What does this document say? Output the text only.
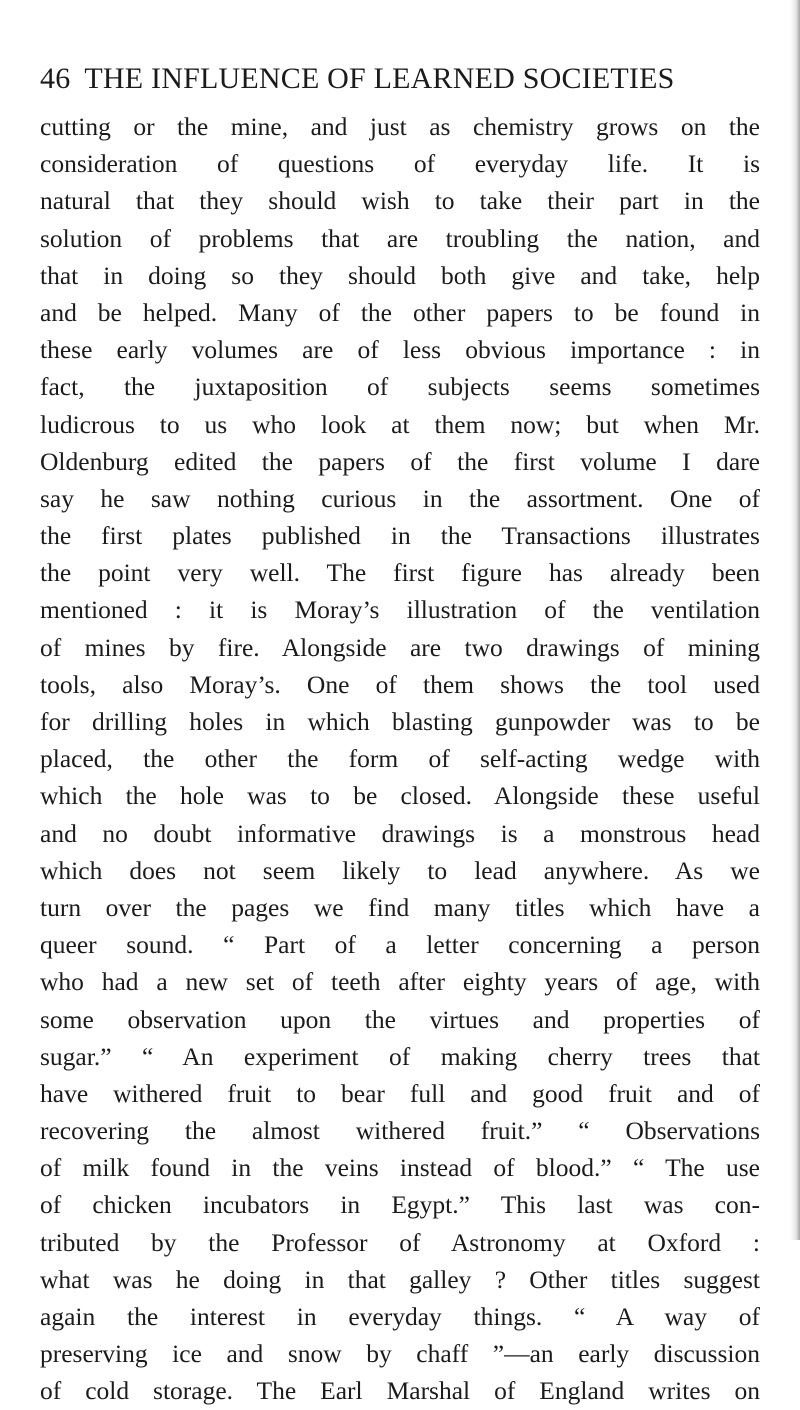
46 THE INFLUENCE OF LEARNED SOCIETIES
cutting or the mine, and just as chemistry grows on the
consideration of questions of everyday life. It is
natural that they should wish to take their part in the
solution of problems that are troubling the nation, and
that in doing so they should both give and take, help
and be helped. Many of the other papers to be found in
these early volumes are of less obvious importance : in
fact, the juxtaposition of subjects seems sometimes
ludicrous to us who look at them now; but when Mr.
Oldenburg edited the papers of the first volume I dare
say he saw nothing curious in the assortment. One of
the first plates published in the Transactions illustrates
the point very well. The first figure has already been
mentioned : it is Moray’s illustration of the ventilation
of mines by fire. Alongside are two drawings of mining
tools, also Moray’s. One of them shows the tool used
for drilling holes in which blasting gunpowder was to be
placed, the other the form of self-acting wedge with
which the hole was to be closed. Alongside these useful
and no doubt informative drawings is a monstrous head
which does not seem likely to lead anywhere. As we
turn over the pages we find many titles which have a
queer sound. “ Part of a letter concerning a person
who had a new set of teeth after eighty years of age, with
some observation upon the virtues and properties of
sugar.” “ An experiment of making cherry trees that
have withered fruit to bear full and good fruit and of
recovering the almost withered fruit.” “ Observations
of milk found in the veins instead of blood.” “ The use
of chicken incubators in Egypt.” This last was con-
tributed by the Professor of Astronomy at Oxford :
what was he doing in that galley ? Other titles suggest
again the interest in everyday things. “ A way of
preserving ice and snow by chaff ”—an early discussion
of cold storage. The Earl Marshal of England writes on
